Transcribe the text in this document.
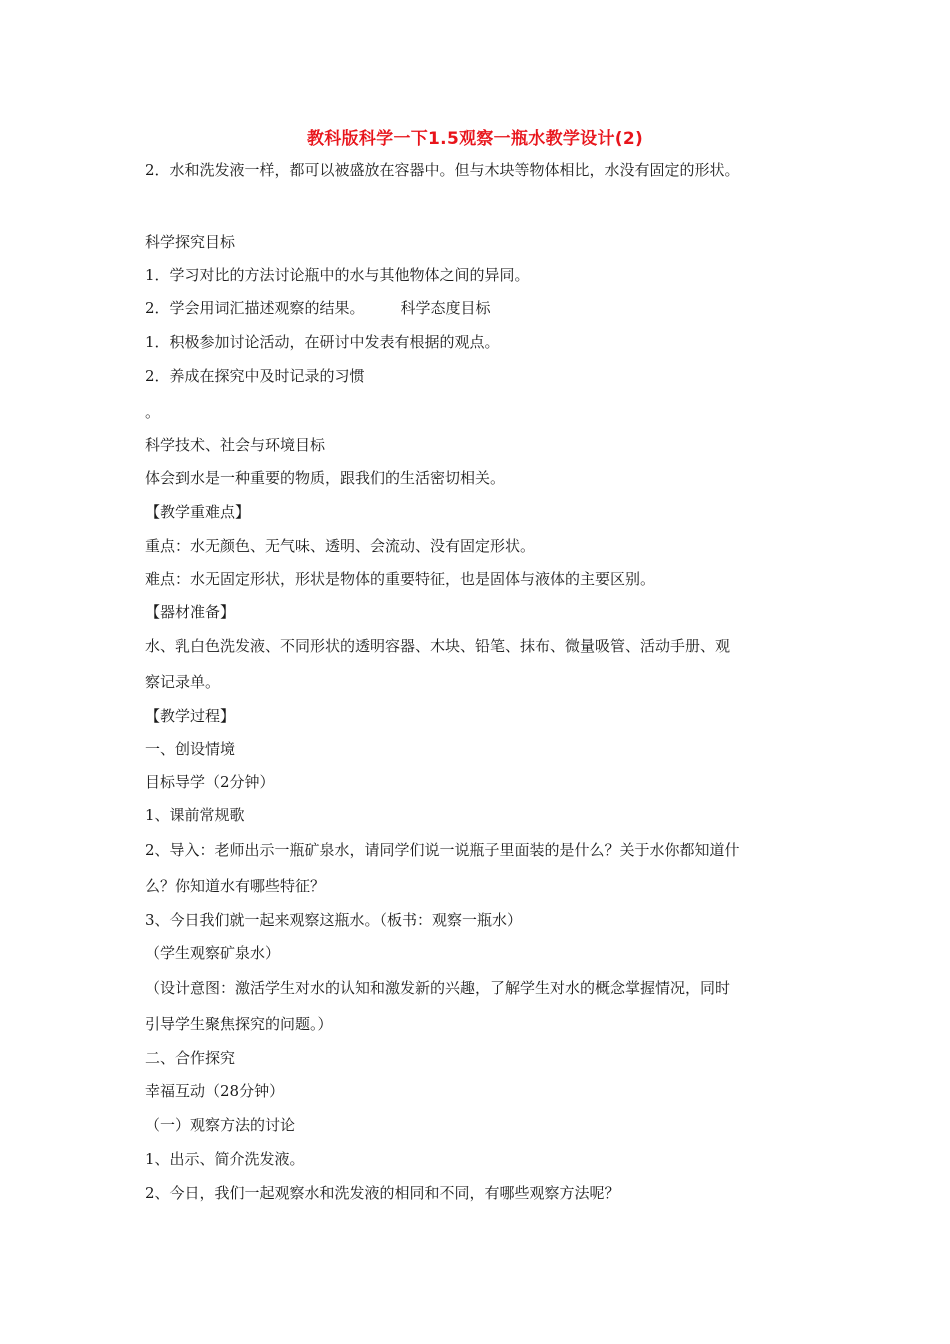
教科版科学一下1.5观察一瓶水教学设计(2)
2．水和洗发液一样，都可以被盛放在容器中。但与木块等物体相比，水没有固定的形状。
科学探究目标
1．学习对比的方法讨论瓶中的水与其他物体之间的异同。
2．学会用词汇描述观察的结果。 科学态度目标
1．积极参加讨论活动，在研讨中发表有根据的观点。
2．养成在探究中及时记录的习惯
。
科学技术、社会与环境目标
体会到水是一种重要的物质，跟我们的生活密切相关。
【教学重难点】
重点：水无颜色、无气味、透明、会流动、没有固定形状。
难点：水无固定形状，形状是物体的重要特征，也是固体与液体的主要区别。
【器材准备】
水、乳白色洗发液、不同形状的透明容器、木块、铅笔、抹布、微量吸管、活动手册、观
察记录单。
【教学过程】
一、创设情境
目标导学（2分钟）
1、课前常规歌
2、导入：老师出示一瓶矿泉水，请同学们说一说瓶子里面装的是什么？关于水你都知道什
么？你知道水有哪些特征？
3、今日我们就一起来观察这瓶水。（板书：观察一瓶水）
（学生观察矿泉水）
（设计意图：激活学生对水的认知和激发新的兴趣，了解学生对水的概念掌握情况，同时
引导学生聚焦探究的问题。）
二、合作探究
幸福互动（28分钟）
（一）观察方法的讨论
1、出示、简介洗发液。
2、今日，我们一起观察水和洗发液的相同和不同，有哪些观察方法呢？
